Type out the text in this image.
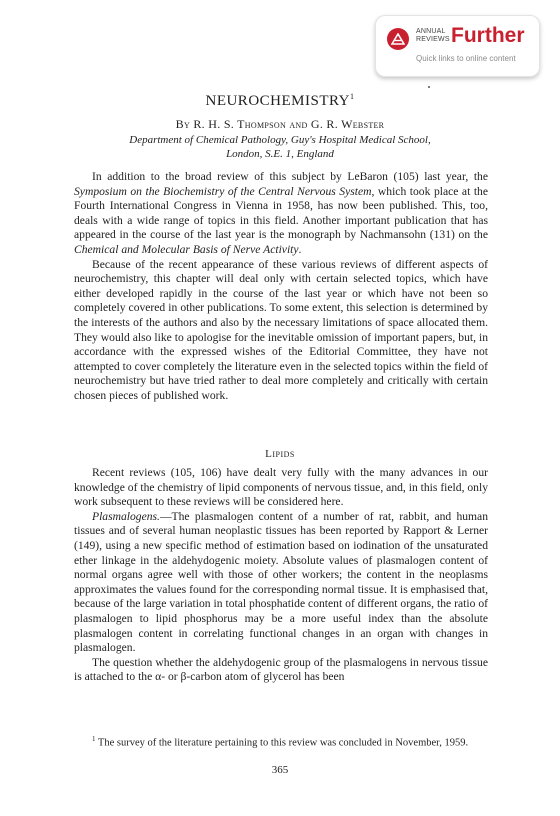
ANNUAL
REVIEWS Further
Quick links to online content
NEUROCHEMISTRY$^1$
By R. H. S. Thompson and G. R. Webster
Department of Chemical Pathology, Guy's Hospital Medical School,
London, S.E. 1, England

In addition to the broad review of this subject by LeBaron (105) last year, the Symposium on the Biochemistry of the Central Nervous System, which took place at the Fourth International Congress in Vienna in 1958, has now been published. This, too, deals with a wide range of topics in this field. Another important publication that has appeared in the course of the last year is the monograph by Nachmansohn (131) on the Chemical and Molecular Basis of Nerve Activity.

Because of the recent appearance of these various reviews of different aspects of neurochemistry, this chapter will deal only with certain selected topics, which have either developed rapidly in the course of the last year or which have not been so completely covered in other publications. To some extent, this selection is determined by the interests of the authors and also by the necessary limitations of space allocated them. They would also like to apologise for the inevitable omission of important papers, but, in accordance with the expressed wishes of the Editorial Committee, they have not attempted to cover completely the literature even in the selected topics within the field of neurochemistry but have tried rather to deal more completely and critically with certain chosen pieces of published work.

Lipids

Recent reviews (105, 106) have dealt very fully with the many advances in our knowledge of the chemistry of lipid components of nervous tissue, and, in this field, only work subsequent to these reviews will be considered here.

Plasmalogens.—The plasmalogen content of a number of rat, rabbit, and human tissues and of several human neoplastic tissues has been reported by Rapport & Lerner (149), using a new specific method of estimation based on iodination of the unsaturated ether linkage in the aldehydogenic moiety. Absolute values of plasmalogen content of normal organs agree well with those of other workers; the content in the neoplasms approximates the values found for the corresponding normal tissue. It is emphasised that, because of the large variation in total phosphatide content of different organs, the ratio of plasmalogen to lipid phosphorus may be a more useful index than the absolute plasmalogen content in correlating functional changes in an organ with changes in plasmalogen.

The question whether the aldehydogenic group of the plasmalogens in nervous tissue is attached to the α- or β-carbon atom of glycerol has been

$^1$ The survey of the literature pertaining to this review was concluded in November, 1959.
365
